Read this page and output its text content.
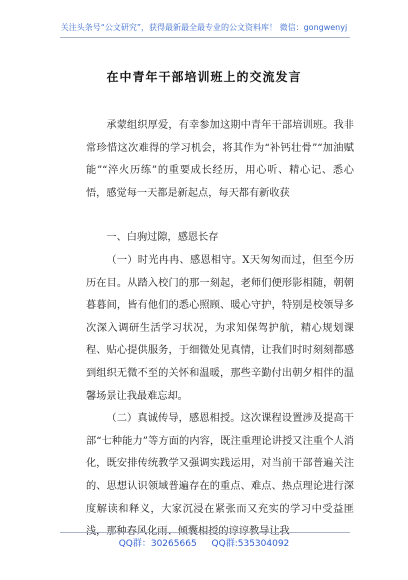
关注头条号“公文研究”，获得最新最全最专业的公文资料库！ 微信：gongwenyj
在中青年干部培训班上的交流发言

承蒙组织厚爱，有幸参加这期中青年干部培训班。我非常珍惜这次难得的学习机会，将其作为“补钙壮骨”“加油赋能”“淬火历练”的重要成长经历，用心听、精心记、悉心悟，感觉每一天都是新起点，每天都有新收获

一、白驹过隙，感恩长存

（一）时光冉冉、感恩相守。X天匆匆而过，但至今历历在目。从踏入校门的那一刻起，老师们便形影相随，朝朝暮暮间，皆有他们的悉心照顾、暖心守护，特别是校领导多次深入调研生活学习状况，为求知保驾护航，精心规划课程、贴心提供服务，于细微处见真情，让我们时时刻刻都感到组织无微不至的关怀和温暖，那些辛勤付出朝夕相伴的温馨场景让我最难忘却。

（二）真诚传导，感恩相授。这次课程设置涉及提高干部“七种能力”等方面的内容，既注重理论讲授又注重个人消化，既安排传统教学又强调实践运用，对当前干部普遍关注的、思想认识领域普遍存在的重点、难点、热点理论进行深度解读和释义，大家沉浸在紧张而又充实的学习中受益匪

QQ群：30265665 QQ群:535304092
